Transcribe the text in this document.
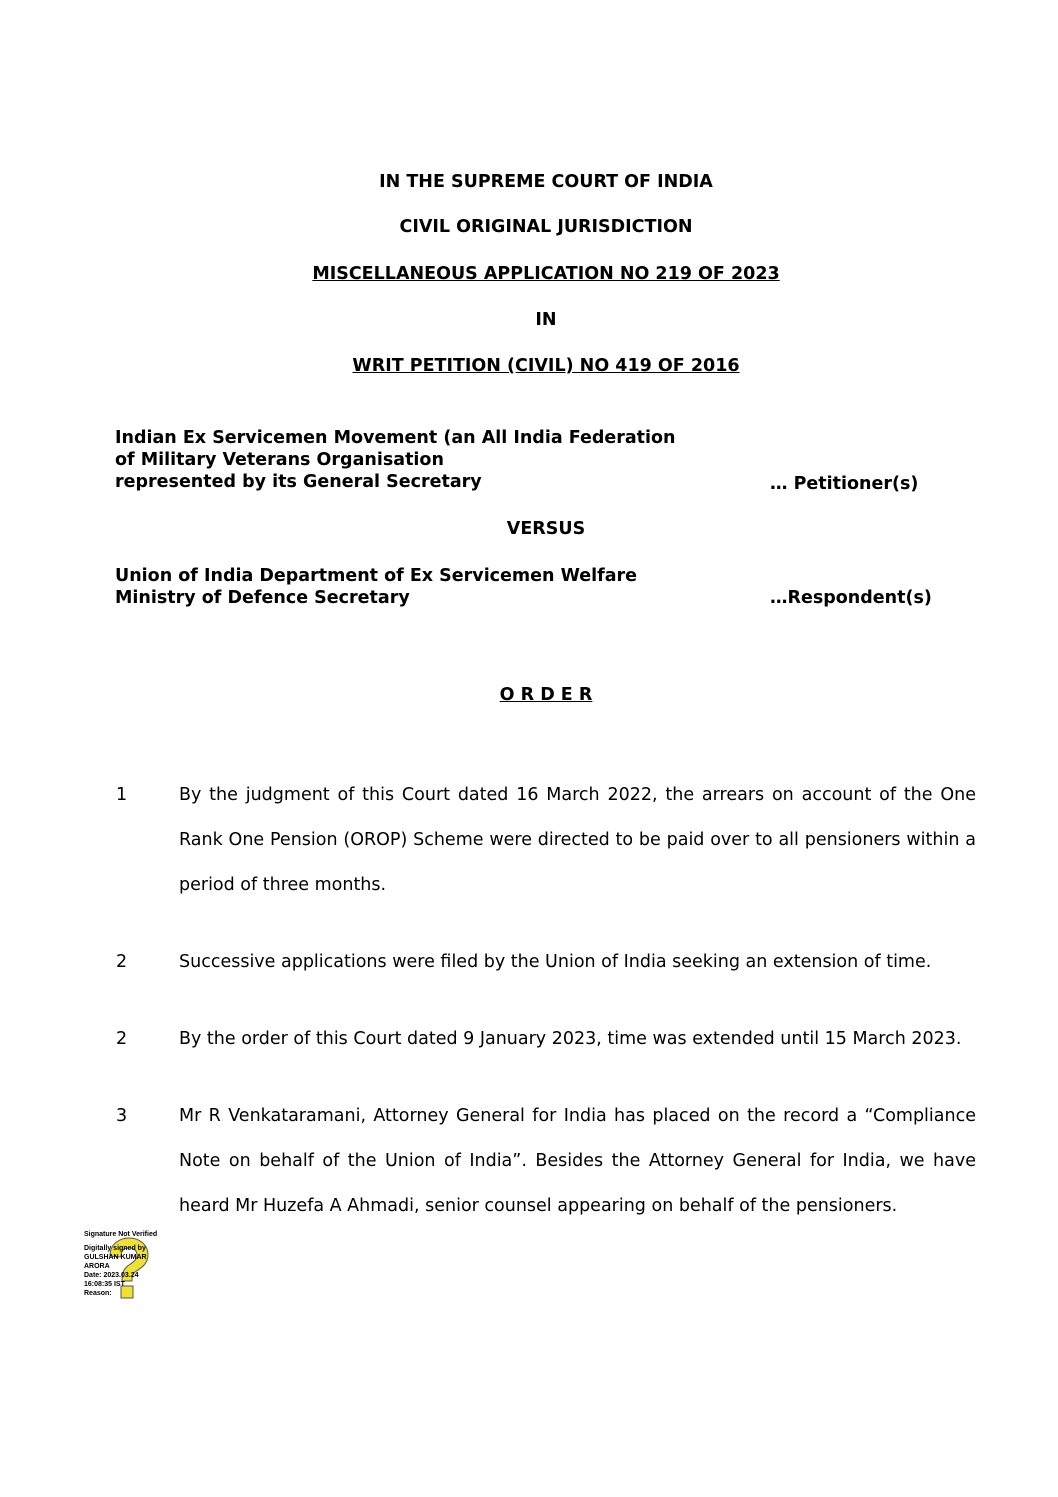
IN THE SUPREME COURT OF INDIA
CIVIL ORIGINAL JURISDICTION
MISCELLANEOUS APPLICATION NO 219 OF 2023
IN
WRIT PETITION (CIVIL) NO 419 OF 2016
Indian Ex Servicemen Movement (an All India Federation
of Military Veterans Organisation
represented by its General Secretary	… Petitioner(s)
VERSUS
Union of India Department of Ex Servicemen Welfare
Ministry of Defence Secretary	…Respondent(s)
O R D E R
1	By the judgment of this Court dated 16 March 2022, the arrears on account of the One Rank One Pension (OROP) Scheme were directed to be paid over to all pensioners within a period of three months.
2	Successive applications were filed by the Union of India seeking an extension of time.
2	By the order of this Court dated 9 January 2023, time was extended until 15 March 2023.
3	Mr R Venkataramani, Attorney General for India has placed on the record a “Compliance Note on behalf of the Union of India”. Besides the Attorney General for India, we have heard Mr Huzefa A Ahmadi, senior counsel appearing on behalf of the pensioners.
Signature Not Verified
Digitally signed by
GULSHAN KUMAR
ARORA
Date: 2023.03.24
16:08:35 IST
Reason:
